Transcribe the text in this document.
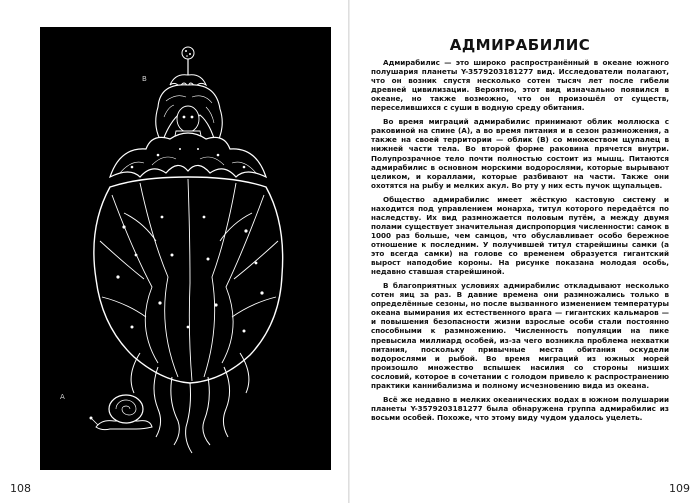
B
A
108	109
АДМИРАБИЛИС

Адмирабилис — это широко распространённый в океане южного полушария планеты Y-3579203181277 вид. Исследователи полагают, что он возник спустя несколько сотен тысяч лет после гибели древней цивилизации. Вероятно, этот вид изначально появился в океане, но также возможно, что он произошёл от существ, переселившихся с суши в водную среду обитания.

Во время миграций адмирабилис принимают облик моллюска с раковиной на спине (А), а во время питания и в сезон размножения, а также на своей территории — облик (В) со множеством щупалец в нижней части тела. Во второй форме раковина прячется внутри. Полупрозрачное тело почти полностью состоит из мышц. Питаются адмирабилис в основном морскими водорослями, которые вырывают целиком, и кораллами, которые разбивают на части. Также они охотятся на рыбу и мелких акул. Во рту у них есть пучок щупальцев.

Общество адмирабилис имеет жёсткую кастовую систему и находится под управлением монарха, титул которого передаётся по наследству. Их вид размножается половым путём, а между двумя полами существует значительная диспропорция численности: самок в 1000 раз больше, чем самцов, что обуславливает особо бережное отношение к последним. У получившей титул старейшины самки (а это всегда самки) на голове со временем образуется гигантский вырост наподобие короны. На рисунке показана молодая особь, недавно ставшая старейшиной.

В благоприятных условиях адмирабилис откладывают несколько сотен яиц за раз. В давние времена они размножались только в определённые сезоны, но после вызванного изменением температуры океана вымирания их естественного врага — гигантских кальмаров — и повышения безопасности жизни взрослые особи стали постоянно способными к размножению. Численность популяции на пике превысила миллиард особей, из-за чего возникла проблема нехватки питания, поскольку привычные места обитания оскудели водорослями и рыбой. Во время миграций из южных морей произошло множество вспышек насилия со стороны низших сословий, которое в сочетании с голодом привело к распространению практики каннибализма и полному исчезновению вида из океана.

Всё же недавно в мелких океанических водах в южном полушарии планеты Y-3579203181277 была обнаружена группа адмирабилис из восьми особей. Похоже, что этому виду чудом удалось уцелеть.
